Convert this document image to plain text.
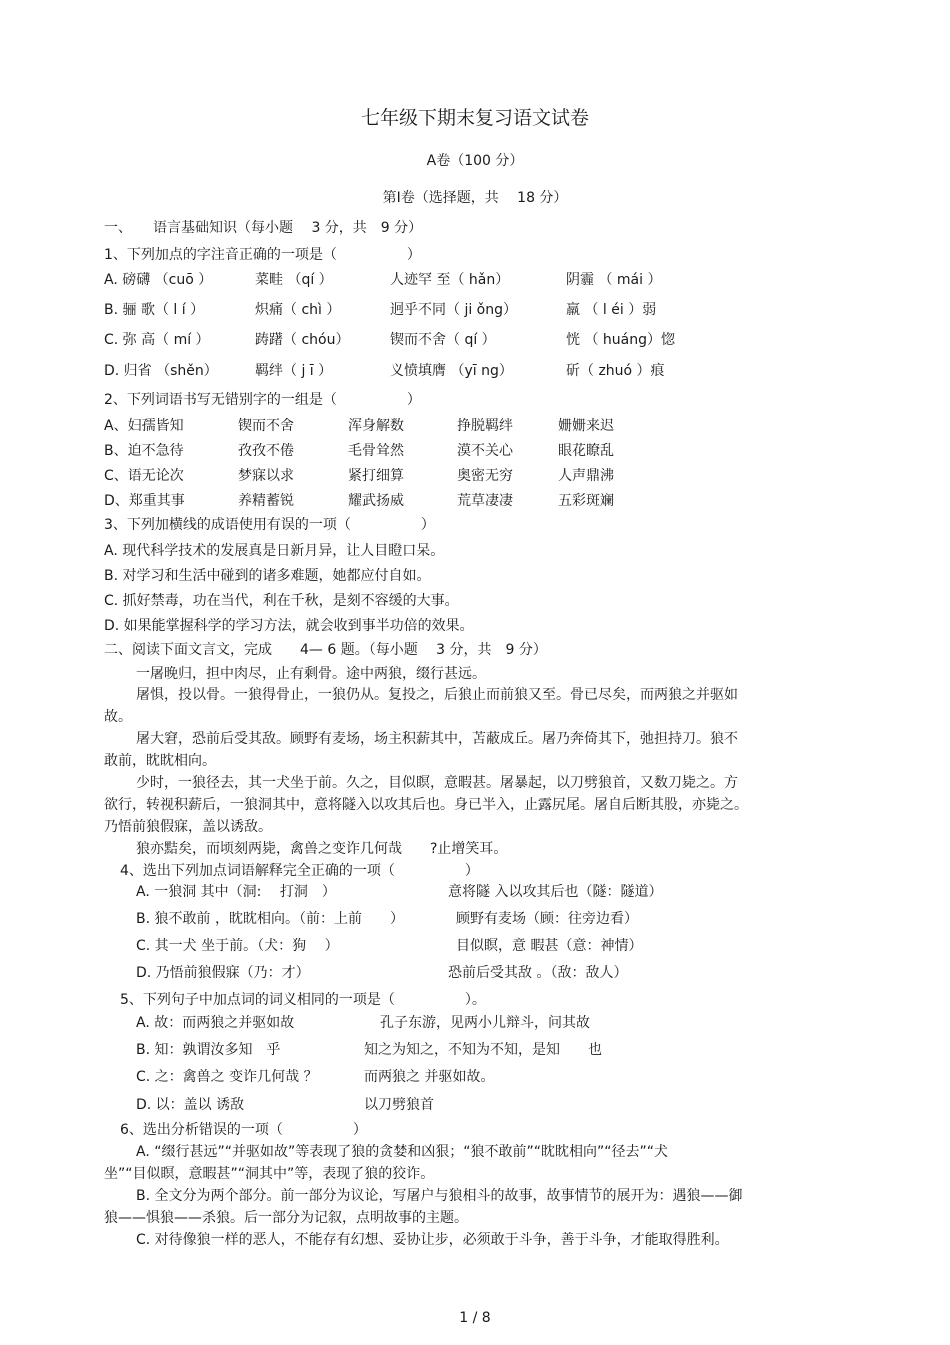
七年级下期末复习语文试卷
A卷（100 分）
第Ⅰ卷（选择题，共　 18 分）
一、　　语言基础知识（每小题　 3 分，共　9 分）
1、下列加点的字注音正确的一项是（　　　　　）
A. 磅礴 （cuō ）	菜畦 （qí ）	人迹罕 至（ hǎn）	阴霾 （ mái ）
B. 骊 歌（ l í ）	炽痛（ chì ）	迥乎不同（ ji ǒng）	羸 （ l éi ）弱
C. 弥 高（ mí ）	踌躇（ chóu）	锲而不舍（ qí ）	恍 （ huáng）惚
D. 归省 （shěn）	羁绊（ j ī ）	义愤填膺 （yī ng）	斫（ zhuó ）痕
2、下列词语书写无错别字的一组是（　　　　　）
A、妇孺皆知	锲而不舍	浑身解数	挣脱羁绊	姗姗来迟
B、迫不急待	孜孜不倦	毛骨耸然	漠不关心	眼花瞭乱
C、语无论次	梦寐以求	紧打细算	奥密无穷	人声鼎沸
D、郑重其事	养精蓄锐	耀武扬威	荒草凄凄	五彩斑斓
3、下列加横线的成语使用有误的一项（　　　　　）
A. 现代科学技术的发展真是日新月异，让人目瞪口呆。
B. 对学习和生活中碰到的诸多难题，她都应付自如。
C. 抓好禁毒，功在当代，利在千秋，是刻不容缓的大事。
D. 如果能掌握科学的学习方法，就会收到事半功倍的效果。
二、阅读下面文言文，完成　　4— 6 题。（每小题　 3 分，共　9 分）
一屠晚归，担中肉尽，止有剩骨。途中两狼，缀行甚远。
屠惧，投以骨。一狼得骨止，一狼仍从。复投之，后狼止而前狼又至。骨已尽矣，而两狼之并驱如
故。
屠大窘，恐前后受其敌。顾野有麦场，场主积薪其中，苫蔽成丘。屠乃奔倚其下，弛担持刀。狼不
敢前，眈眈相向。
少时，一狼径去，其一犬坐于前。久之，目似瞑，意暇甚。屠暴起，以刀劈狼首，又数刀毙之。方
欲行，转视积薪后，一狼洞其中，意将隧入以攻其后也。身已半入，止露尻尾。屠自后断其股，亦毙之。
乃悟前狼假寐，盖以诱敌。
狼亦黠矣，而顷刻两毙，禽兽之变诈几何哉　　?止增笑耳。
4、选出下列加点词语解释完全正确的一项（　　　　　）
A. 一狼洞 其中（洞:　 打洞　）	意将隧 入以攻其后也（隧：隧道）
B. 狼不敢前 ，眈眈相向。（前：上前　　）	顾野有麦场（顾：往旁边看）
C. 其一犬 坐于前。（犬：狗　 ）	目似瞑，意 暇甚（意：神情）
D. 乃悟前狼假寐（乃：才）	恐前后受其敌 。（敌：敌人）
5、下列句子中加点词的词义相同的一项是（　　　　　）。
A. 故：而两狼之并驱如故	孔子东游，见两小儿辩斗，问其故
B. 知：孰谓汝多知　乎	知之为知之，不知为不知，是知　　也
C. 之：禽兽之 变诈几何哉 ？	而两狼之 并驱如故。
D. 以：盖以 诱敌	以刀劈狼首
6、选出分析错误的一项（　　　　　）
A. “缀行甚远”“并驱如故”等表现了狼的贪婪和凶狠；“狼不敢前”“眈眈相向”“径去”“犬
坐”“目似瞑，意暇甚”“洞其中”等，表现了狼的狡诈。
B. 全文分为两个部分。前一部分为议论，写屠户与狼相斗的故事，故事情节的展开为：遇狼——御
狼——惧狼——杀狼。后一部分为记叙，点明故事的主题。
C. 对待像狼一样的恶人，不能存有幻想、妥协让步，必须敢于斗争，善于斗争，才能取得胜利。
1 / 8
